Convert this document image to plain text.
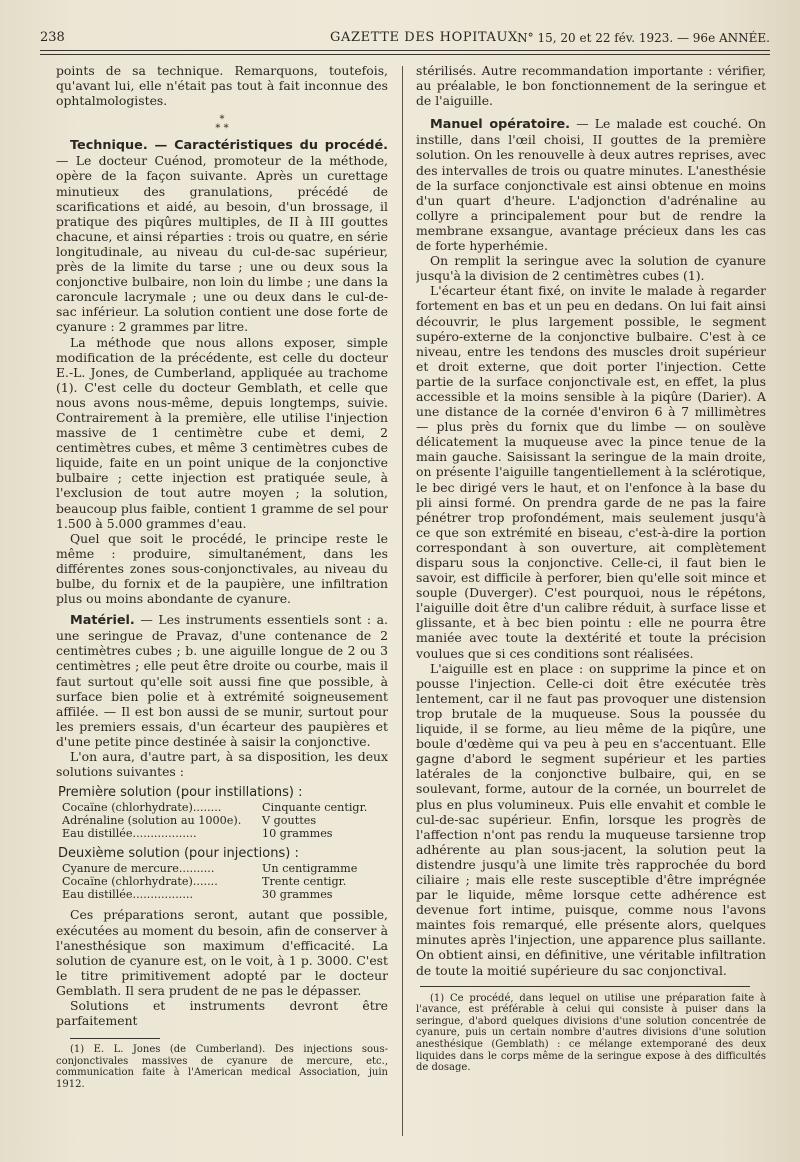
238	GAZETTE DES HOPITAUX N° 15, 20 et 22 fév. 1923. — 96e ANNÉE.

points de sa technique. Remarquons, toutefois, qu'avant lui, elle n'était pas tout à fait inconnue des ophtalmologistes.

*
* *

Technique. — Caractéristiques du procédé. — Le docteur Cuénod, promoteur de la méthode, opère de la façon suivante. Après un curettage minutieux des granulations, précédé de scarifications et aidé, au besoin, d'un brossage, il pratique des piqûres multiples, de II à III gouttes chacune, et ainsi réparties : trois ou quatre, en série longitudinale, au niveau du cul-de-sac supérieur, près de la limite du tarse ; une ou deux sous la conjonctive bulbaire, non loin du limbe ; une dans la caroncule lacrymale ; une ou deux dans le cul-de-sac inférieur. La solution contient une dose forte de cyanure : 2 grammes par litre.

La méthode que nous allons exposer, simple modification de la précédente, est celle du docteur E.-L. Jones, de Cumberland, appliquée au trachome (1). C'est celle du docteur Gemblath, et celle que nous avons nous-même, depuis longtemps, suivie. Contrairement à la première, elle utilise l'injection massive de 1 centimètre cube et demi, 2 centimètres cubes, et même 3 centimètres cubes de liquide, faite en un point unique de la conjonctive bulbaire ; cette injection est pratiquée seule, à l'exclusion de tout autre moyen ; la solution, beaucoup plus faible, contient 1 gramme de sel pour 1.500 à 5.000 grammes d'eau.

Quel que soit le procédé, le principe reste le même : produire, simultanément, dans les différentes zones sous-conjonctivales, au niveau du bulbe, du fornix et de la paupière, une infiltration plus ou moins abondante de cyanure.

Matériel. — Les instruments essentiels sont : a. une seringue de Pravaz, d'une contenance de 2 centimètres cubes ; b. une aiguille longue de 2 ou 3 centimètres ; elle peut être droite ou courbe, mais il faut surtout qu'elle soit aussi fine que possible, à surface bien polie et à extrémité soigneusement affilée. — Il est bon aussi de se munir, surtout pour les premiers essais, d'un écarteur des paupières et d'une petite pince destinée à saisir la conjonctive.

L'on aura, d'autre part, à sa disposition, les deux solutions suivantes :

Première solution (pour instillations) :
Cocaïne (chlorhydrate)........	Cinquante centigr.
Adrénaline (solution au 1000e).	V gouttes
Eau distillée..................	10 grammes
Deuxième solution (pour injections) :
Cyanure de mercure..........	Un centigramme
Cocaïne (chlorhydrate).......	Trente centigr.
Eau distillée.................	30 grammes

Ces préparations seront, autant que possible, exécutées au moment du besoin, afin de conserver à l'anesthésique son maximum d'efficacité. La solution de cyanure est, on le voit, à 1 p. 3000. C'est le titre primitivement adopté par le docteur Gemblath. Il sera prudent de ne pas le dépasser.

Solutions et instruments devront être parfaitement

(1) E. L. Jones (de Cumberland). Des injections sous-conjonctivales massives de cyanure de mercure, etc., communication faite à l'American medical Association, juin 1912.

stérilisés. Autre recommandation importante : vérifier, au préalable, le bon fonctionnement de la seringue et de l'aiguille.

Manuel opératoire. — Le malade est couché. On instille, dans l'œil choisi, II gouttes de la première solution. On les renouvelle à deux autres reprises, avec des intervalles de trois ou quatre minutes. L'anesthésie de la surface conjonctivale est ainsi obtenue en moins d'un quart d'heure. L'adjonction d'adrénaline au collyre a principalement pour but de rendre la membrane exsangue, avantage précieux dans les cas de forte hyperhémie.

On remplit la seringue avec la solution de cyanure jusqu'à la division de 2 centimètres cubes (1).

L'écarteur étant fixé, on invite le malade à regarder fortement en bas et un peu en dedans. On lui fait ainsi découvrir, le plus largement possible, le segment supéro-externe de la conjonctive bulbaire. C'est à ce niveau, entre les tendons des muscles droit supérieur et droit externe, que doit porter l'injection. Cette partie de la surface conjonctivale est, en effet, la plus accessible et la moins sensible à la piqûre (Darier). A une distance de la cornée d'environ 6 à 7 millimètres — plus près du fornix que du limbe — on soulève délicatement la muqueuse avec la pince tenue de la main gauche. Saisissant la seringue de la main droite, on présente l'aiguille tangentiellement à la sclérotique, le bec dirigé vers le haut, et on l'enfonce à la base du pli ainsi formé. On prendra garde de ne pas la faire pénétrer trop profondément, mais seulement jusqu'à ce que son extrémité en biseau, c'est-à-dire la portion correspondant à son ouverture, ait complètement disparu sous la conjonctive. Celle-ci, il faut bien le savoir, est difficile à perforer, bien qu'elle soit mince et souple (Duverger). C'est pourquoi, nous le répétons, l'aiguille doit être d'un calibre réduit, à surface lisse et glissante, et à bec bien pointu : elle ne pourra être maniée avec toute la dextérité et toute la précision voulues que si ces conditions sont réalisées.

L'aiguille est en place : on supprime la pince et on pousse l'injection. Celle-ci doit être exécutée très lentement, car il ne faut pas provoquer une distension trop brutale de la muqueuse. Sous la poussée du liquide, il se forme, au lieu même de la piqûre, une boule d'œdème qui va peu à peu en s'accentuant. Elle gagne d'abord le segment supérieur et les parties latérales de la conjonctive bulbaire, qui, en se soulevant, forme, autour de la cornée, un bourrelet de plus en plus volumineux. Puis elle envahit et comble le cul-de-sac supérieur. Enfin, lorsque les progrès de l'affection n'ont pas rendu la muqueuse tarsienne trop adhérente au plan sous-jacent, la solution peut la distendre jusqu'à une limite très rapprochée du bord ciliaire ; mais elle reste susceptible d'être imprégnée par le liquide, même lorsque cette adhérence est devenue fort intime, puisque, comme nous l'avons maintes fois remarqué, elle présente alors, quelques minutes après l'injection, une apparence plus saillante. On obtient ainsi, en définitive, une véritable infiltration de toute la moitié supérieure du sac conjonctival.

(1) Ce procédé, dans lequel on utilise une préparation faite à l'avance, est préférable à celui qui consiste à puiser dans la seringue, d'abord quelques divisions d'une solution concentrée de cyanure, puis un certain nombre d'autres divisions d'une solution anesthésique (Gemblath) : ce mélange extemporané des deux liquides dans le corps même de la seringue expose à des difficultés de dosage.
